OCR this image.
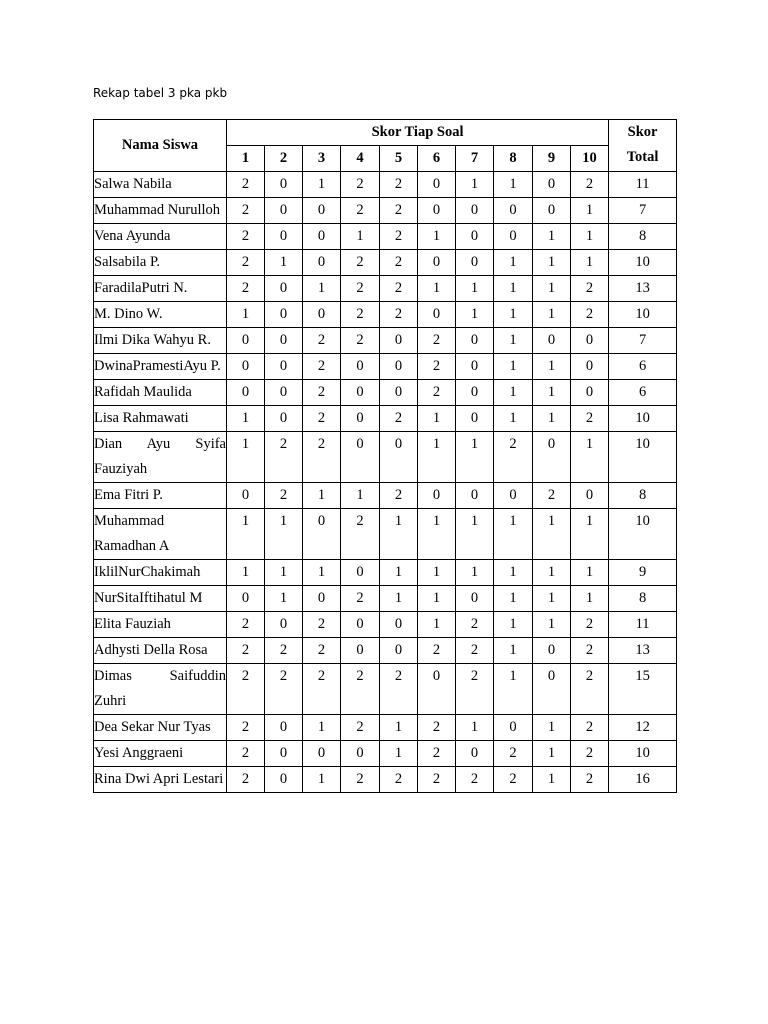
Rekap tabel 3 pka pkb
Nama Siswa	Skor Tiap Soal										Skor
Total
	1	2	3	4	5	6	7	8	9	10	
Salwa Nabila	2	0	1	2	2	0	1	1	0	2	11
Muhammad Nurulloh	2	0	0	2	2	0	0	0	0	1	7
Vena Ayunda	2	0	0	1	2	1	0	0	1	1	8
Salsabila P.	2	1	0	2	2	0	0	1	1	1	10
FaradilaPutri N.	2	0	1	2	2	1	1	1	1	2	13
M. Dino W.	1	0	0	2	2	0	1	1	1	2	10
Ilmi Dika Wahyu R.	0	0	2	2	0	2	0	1	0	0	7
DwinaPramestiAyu P.	0	0	2	0	0	2	0	1	1	0	6
Rafidah Maulida	0	0	2	0	0	2	0	1	1	0	6
Lisa Rahmawati	1	0	2	0	2	1	0	1	1	2	10
Dian Ayu Syifa Fauziyah	1	2	2	0	0	1	1	2	0	1	10
Ema Fitri P.	0	2	1	1	2	0	0	0	2	0	8
Muhammad Ramadhan A	1	1	0	2	1	1	1	1	1	1	10
IklilNurChakimah	1	1	1	0	1	1	1	1	1	1	9
NurSitaIftihatul M	0	1	0	2	1	1	0	1	1	1	8
Elita Fauziah	2	0	2	0	0	1	2	1	1	2	11
Adhysti Della Rosa	2	2	2	0	0	2	2	1	0	2	13
Dimas Saifuddin Zuhri	2	2	2	2	2	0	2	1	0	2	15
Dea Sekar Nur Tyas	2	0	1	2	1	2	1	0	1	2	12
Yesi Anggraeni	2	0	0	0	1	2	0	2	1	2	10
Rina Dwi Apri Lestari	2	0	1	2	2	2	2	2	1	2	16
